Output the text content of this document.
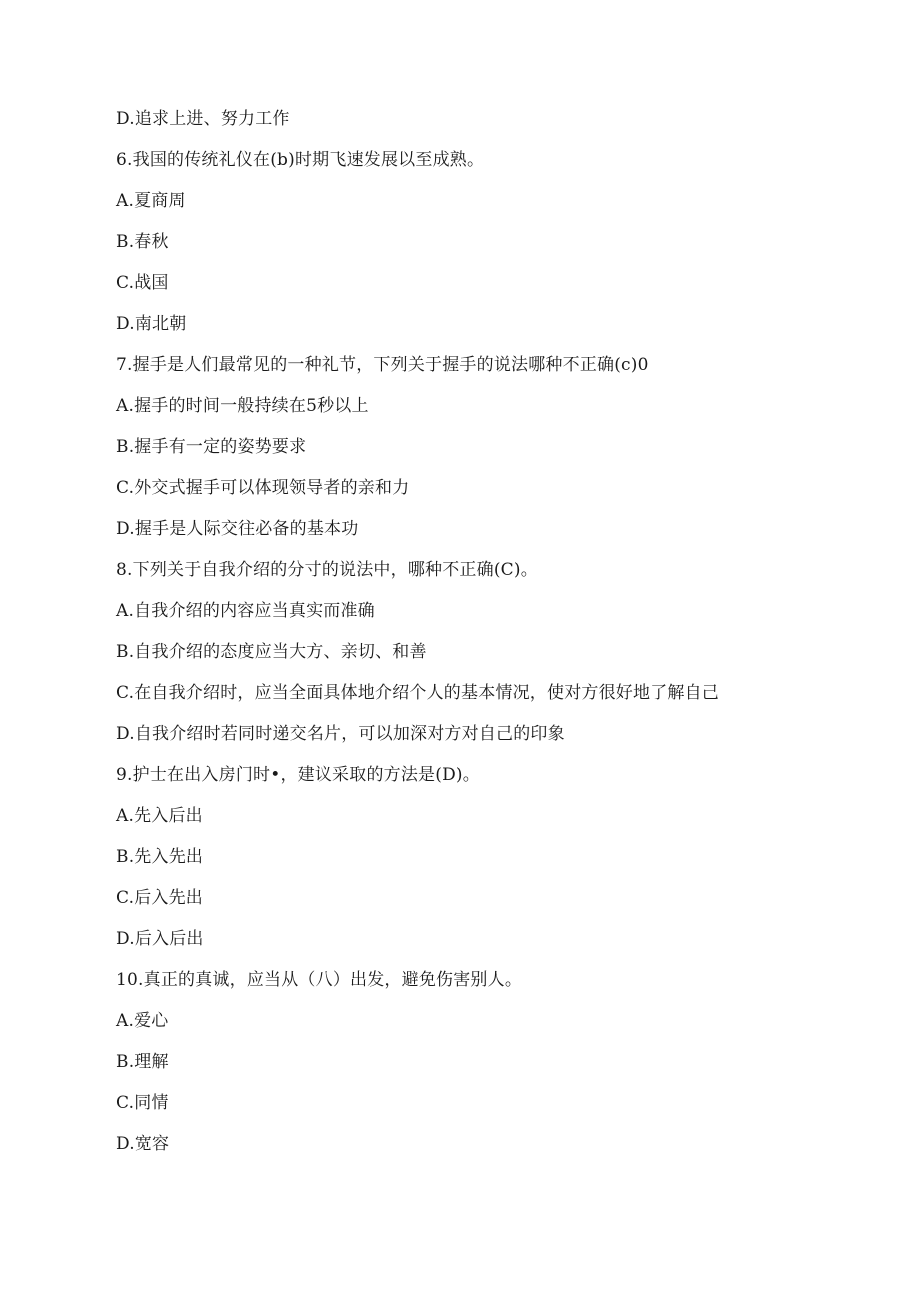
D.追求上进、努力工作
6.我国的传统礼仪在(b)时期飞速发展以至成熟。
A.夏商周
B.春秋
C.战国
D.南北朝
7.握手是人们最常见的一种礼节，下列关于握手的说法哪种不正确(c)0
A.握手的时间一般持续在5秒以上
B.握手有一定的姿势要求
C.外交式握手可以体现领导者的亲和力
D.握手是人际交往必备的基本功
8.下列关于自我介绍的分寸的说法中，哪种不正确(C)。
A.自我介绍的内容应当真实而准确
B.自我介绍的态度应当大方、亲切、和善
C.在自我介绍时，应当全面具体地介绍个人的基本情况，使对方很好地了解自己
D.自我介绍时若同时递交名片，可以加深对方对自己的印象
9.护士在出入房门时•，建议采取的方法是(D)。
A.先入后出
B.先入先出
C.后入先出
D.后入后出
10.真正的真诚，应当从（八）出发，避免伤害别人。
A.爱心
B.理解
C.同情
D.宽容
